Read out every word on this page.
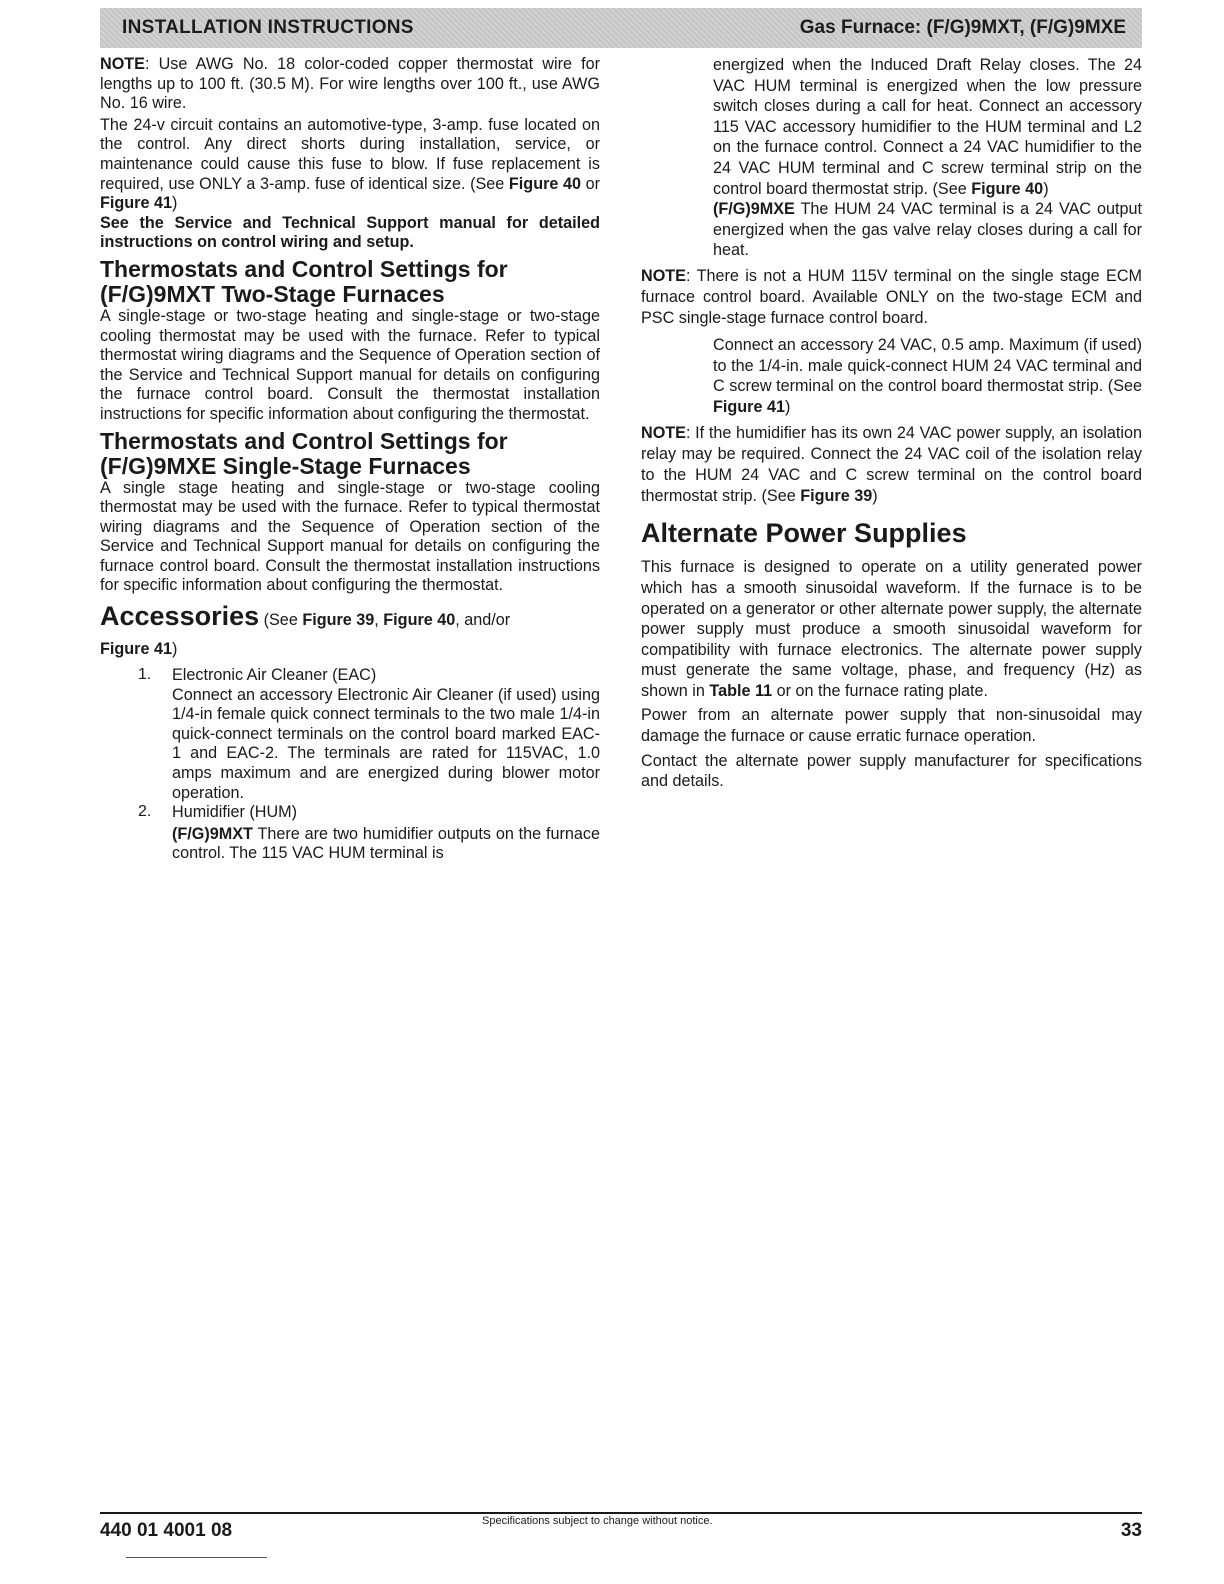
INSTALLATION INSTRUCTIONS	Gas Furnace: (F/G)9MXT, (F/G)9MXE

NOTE: Use AWG No. 18 color-coded copper thermostat wire for lengths up to 100 ft. (30.5 M). For wire lengths over 100 ft., use AWG No. 16 wire.

The 24-v circuit contains an automotive-type, 3-amp. fuse located on the control. Any direct shorts during installation, service, or maintenance could cause this fuse to blow. If fuse replacement is required, use ONLY a 3-amp. fuse of identical size. (See Figure 40 or Figure 41)

See the Service and Technical Support manual for detailed instructions on control wiring and setup.

Thermostats and Control Settings for
(F/G)9MXT Two-Stage Furnaces

A single-stage or two-stage heating and single-stage or two-stage cooling thermostat may be used with the furnace. Refer to typical thermostat wiring diagrams and the Sequence of Operation section of the Service and Technical Support manual for details on configuring the furnace control board. Consult the thermostat installation instructions for specific information about configuring the thermostat.

Thermostats and Control Settings for
(F/G)9MXE Single-Stage Furnaces

A single stage heating and single-stage or two-stage cooling thermostat may be used with the furnace. Refer to typical thermostat wiring diagrams and the Sequence of Operation section of the Service and Technical Support manual for details on configuring the furnace control board. Consult the thermostat installation instructions for specific information about configuring the thermostat.

Accessories (See Figure 39, Figure 40, and/or

Figure 41)

1. Electronic Air Cleaner (EAC)

Connect an accessory Electronic Air Cleaner (if used) using 1/4-in female quick connect terminals to the two male 1/4-in quick-connect terminals on the control board marked EAC-1 and EAC-2. The terminals are rated for 115VAC, 1.0 amps maximum and are energized during blower motor operation.

2. Humidifier (HUM)

(F/G)9MXT There are two humidifier outputs on the furnace control. The 115 VAC HUM terminal is

energized when the Induced Draft Relay closes. The 24 VAC HUM terminal is energized when the low pressure switch closes during a call for heat. Connect an accessory 115 VAC accessory humidifier to the HUM terminal and L2 on the furnace control. Connect a 24 VAC humidifier to the 24 VAC HUM terminal and C screw terminal strip on the control board thermostat strip. (See Figure 40)

(F/G)9MXE The HUM 24 VAC terminal is a 24 VAC output energized when the gas valve relay closes during a call for heat.

NOTE: There is not a HUM 115V terminal on the single stage ECM furnace control board. Available ONLY on the two-stage ECM and PSC single-stage furnace control board.

Connect an accessory 24 VAC, 0.5 amp. Maximum (if used) to the 1/4-in. male quick-connect HUM 24 VAC terminal and C screw terminal on the control board thermostat strip. (See Figure 41)

NOTE: If the humidifier has its own 24 VAC power supply, an isolation relay may be required. Connect the 24 VAC coil of the isolation relay to the HUM 24 VAC and C screw terminal on the control board thermostat strip. (See Figure 39)

Alternate Power Supplies

This furnace is designed to operate on a utility generated power which has a smooth sinusoidal waveform. If the furnace is to be operated on a generator or other alternate power supply, the alternate power supply must produce a smooth sinusoidal waveform for compatibility with furnace electronics. The alternate power supply must generate the same voltage, phase, and frequency (Hz) as shown in Table 11 or on the furnace rating plate.

Power from an alternate power supply that non-sinusoidal may damage the furnace or cause erratic furnace operation.

Contact the alternate power supply manufacturer for specifications and details.

440 01 4001 08	Specifications subject to change without notice.	33
